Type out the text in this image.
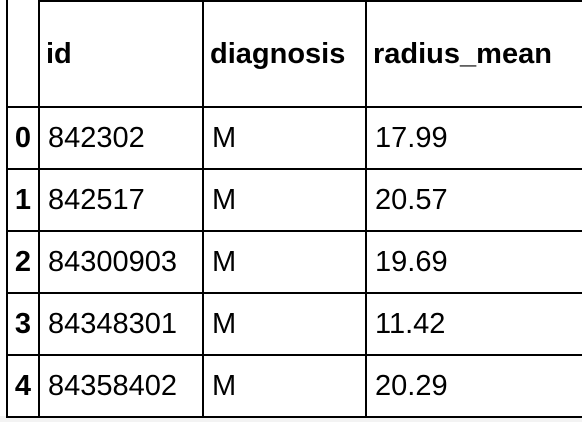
	id	diagnosis	radius_mean
0	842302	M	17.99
1	842517	M	20.57
2	84300903	M	19.69
3	84348301	M	11.42
4	84358402	M	20.29
